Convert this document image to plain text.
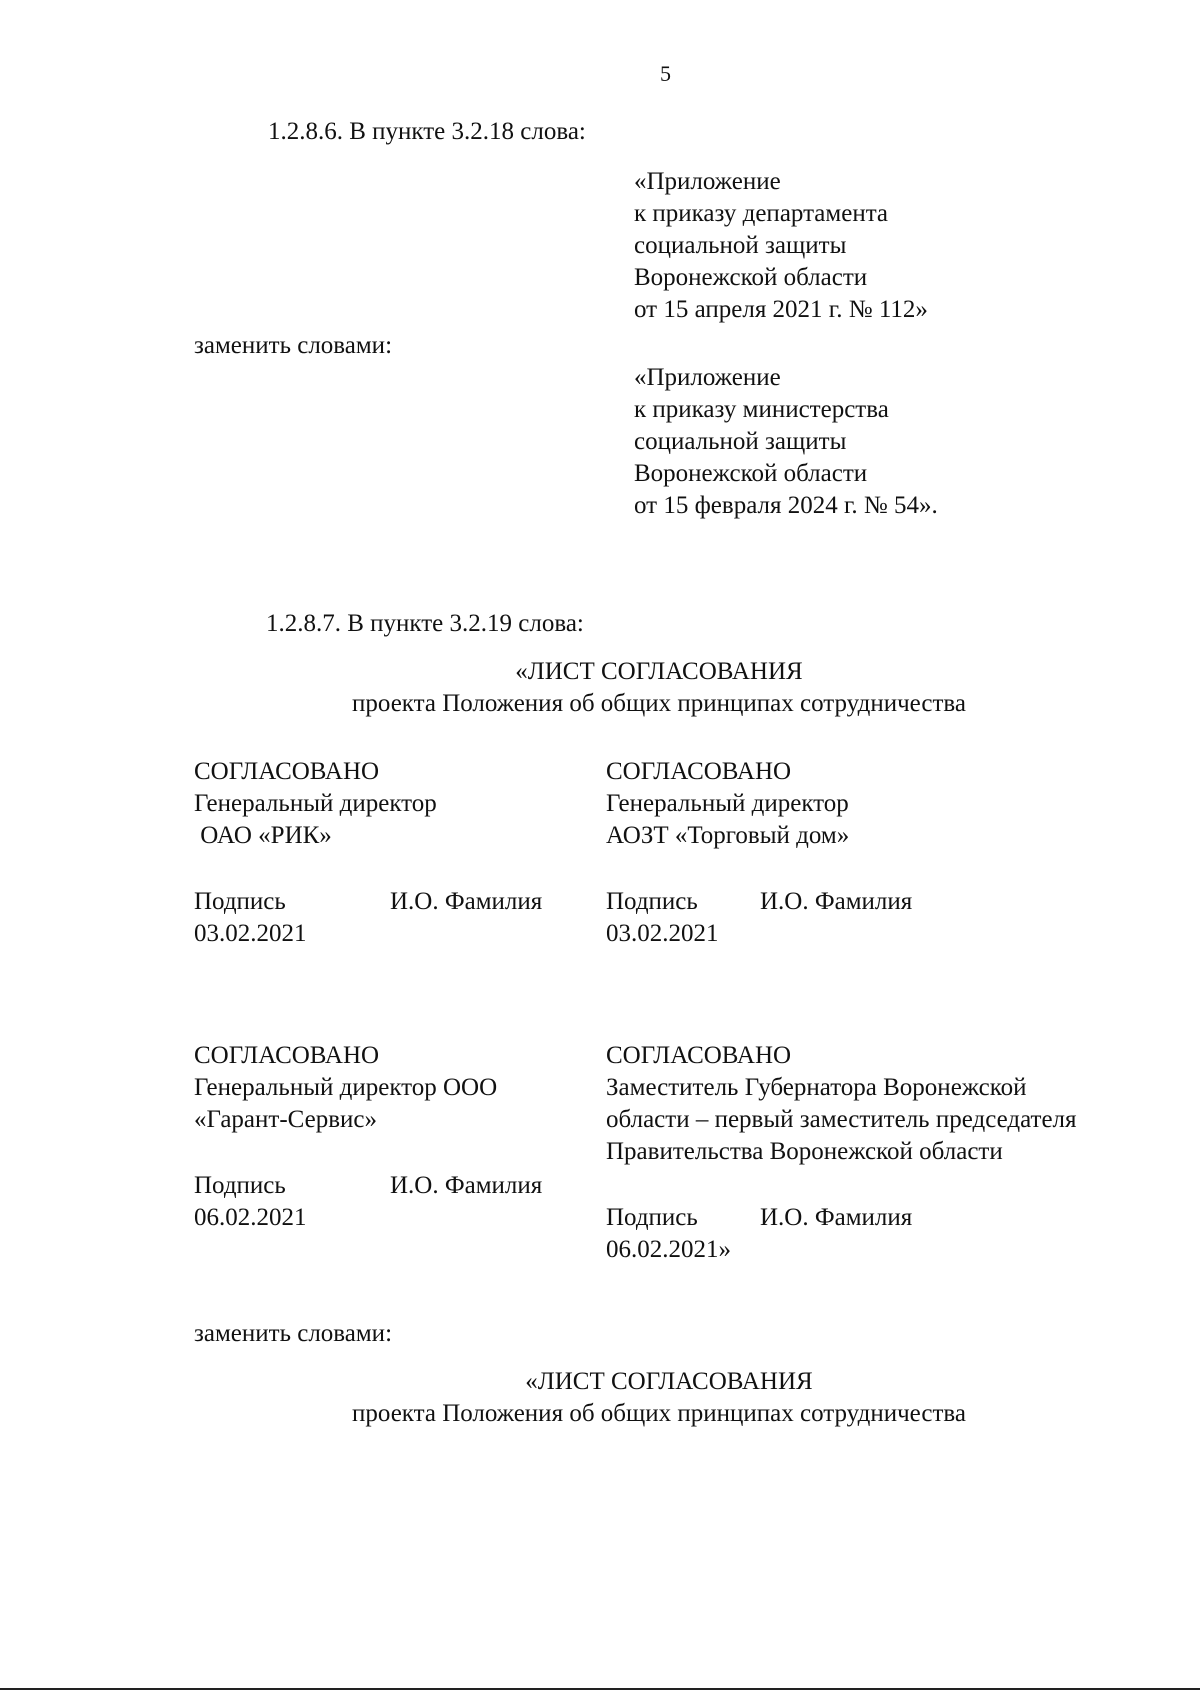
5
1.2.8.6. В пункте 3.2.18 слова:
«Приложение
к приказу департамента
социальной защиты
Воронежской области
от 15 апреля 2021 г. № 112»
заменить словами:
«Приложение
к приказу министерства
социальной защиты
Воронежской области
от 15 февраля 2024 г. № 54».
1.2.8.7. В пункте 3.2.19 слова:
«ЛИСТ СОГЛАСОВАНИЯ
проекта Положения об общих принципах сотрудничества
СОГЛАСОВАНО
Генеральный директор
ОАО «РИК»
Подпись	И.О. Фамилия
03.02.2021
СОГЛАСОВАНО
Генеральный директор
АОЗТ «Торговый дом»
Подпись И.О. Фамилия
03.02.2021
СОГЛАСОВАНО
Генеральный директор ООО
«Гарант-Сервис»
Подпись	И.О. Фамилия
06.02.2021
СОГЛАСОВАНО
Заместитель Губернатора Воронежской
области – первый заместитель председателя
Правительства Воронежской области
Подпись И.О. Фамилия
06.02.2021»
заменить словами:
«ЛИСТ СОГЛАСОВАНИЯ
проекта Положения об общих принципах сотрудничества
